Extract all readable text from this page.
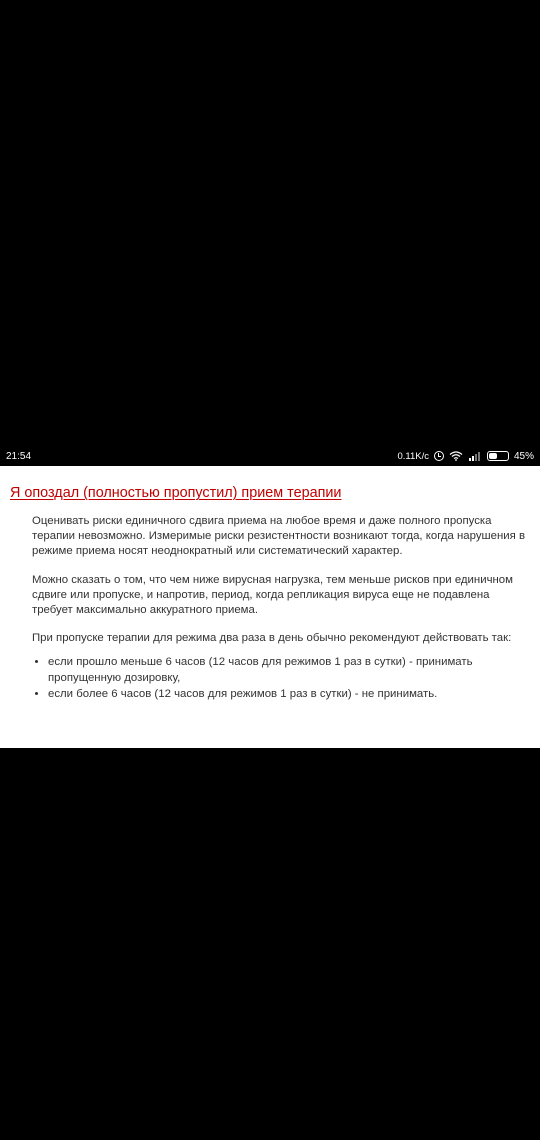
21:54	0.11K/c	45%
Я опоздал (полностью пропустил) прием терапии

Оценивать риски единичного сдвига приема на любое время и даже полного пропуска терапии невозможно. Измеримые риски резистентности возникают тогда, когда нарушения в режиме приема носят неоднократный или систематический характер.

Можно сказать о том, что чем ниже вирусная нагрузка, тем меньше рисков при единичном сдвиге или пропуске, и напротив, период, когда репликация вируса еще не подавлена требует максимально аккуратного приема.

При пропуске терапии для режима два раза в день обычно рекомендуют действовать так:

• если прошло меньше 6 часов (12 часов для режимов 1 раз в сутки) - принимать пропущенную дозировку,
• если более 6 часов (12 часов для режимов 1 раз в сутки) - не принимать.
